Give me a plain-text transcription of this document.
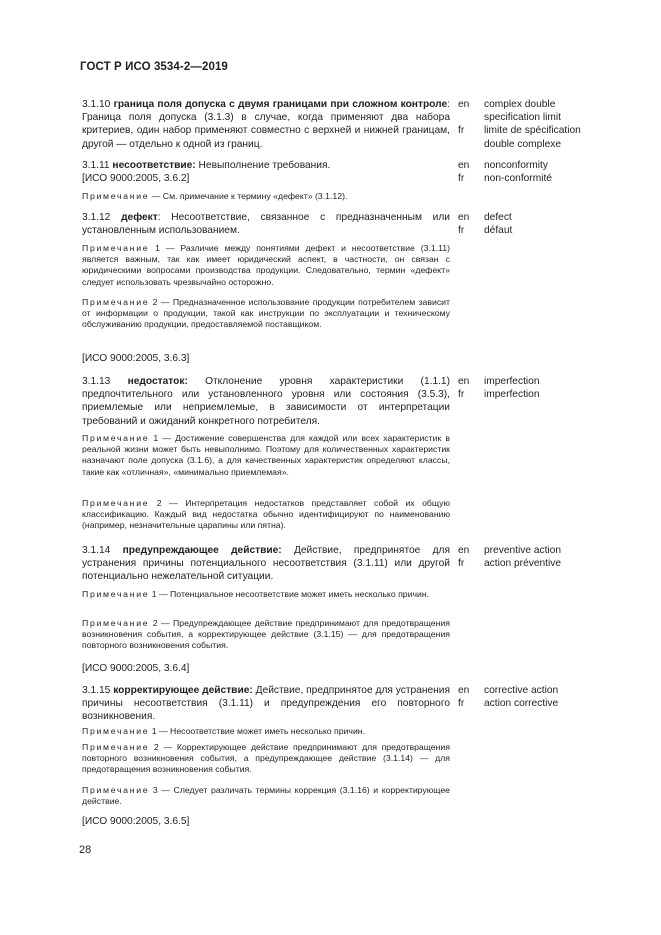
ГОСТ Р ИСО 3534-2—2019
3.1.10 граница поля допуска с двумя границами при сложном контроле: Граница поля допуска (3.1.3) в случае, когда применяют два набора критериев, один набор применяют совместно с верхней и нижней границам, другой — отдельно к одной из границ.
en
fr
complex double
specification limit
limite de spécification
double complexe
3.1.11 несоответствие: Невыполнение требования.
[ИСО 9000:2005, 3.6.2]
en
fr
nonconformity
non-conformité
Примечание — См. примечание к термину «дефект» (3.1.12).
3.1.12 дефект: Несоответствие, связанное с предназначенным или установленным использованием.
en
fr
defect
défaut
Примечание 1 — Различие между понятиями дефект и несоответствие (3.1.11) является важным, так как имеет юридический аспект, в частности, он связан с юридическими вопросами производства продукции. Следовательно, термин «дефект» следует использовать чрезвычайно осторожно.
Примечание 2 — Предназначенное использование продукции потребителем зависит от информации о продукции, такой как инструкции по эксплуатации и техническому обслуживанию продукции, предоставляемой поставщиком.
[ИСО 9000:2005, 3.6.3]
3.1.13 недостаток: Отклонение уровня характеристики (1.1.1) предпочтительного или установленного уровня или состояния (3.5.3), приемлемые или неприемлемые, в зависимости от интерпретации требований и ожиданий конкретного потребителя.
en
fr
imperfection
imperfection
Примечание 1 — Достижение совершенства для каждой или всех характеристик в реальной жизни может быть невыполнимо. Поэтому для количественных характеристик назначают поле допуска (3.1.6), а для качественных характеристик определяют классы, такие как «отличная», «минимально приемлемая».
Примечание 2 — Интерпретация недостатков представляет собой их общую классификацию. Каждый вид недостатка обычно идентифицируют по наименованию (например, незначительные царапины или пятна).
3.1.14 предупреждающее действие: Действие, предпринятое для устранения причины потенциального несоответствия (3.1.11) или другой потенциально нежелательной ситуации.
en
fr
preventive action
action préventive
Примечание 1 — Потенциальное несоответствие может иметь несколько причин.
Примечание 2 — Предупреждающее действие предпринимают для предотвращения возникновения события, а корректирующее действие (3.1.15) — для предотвращения повторного возникновения события.
[ИСО 9000:2005, 3.6.4]
3.1.15 корректирующее действие: Действие, предпринятое для устранения причины несоответствия (3.1.11) и предупреждения его повторного возникновения.
en
fr
corrective action
action corrective
Примечание 1 — Несоответствие может иметь несколько причин.
Примечание 2 — Корректирующее действие предпринимают для предотвращения повторного возникновения события, а предупреждающее действие (3.1.14) — для предотвращения возникновения события.
Примечание 3 — Следует различать термины коррекция (3.1.16) и корректирующее действие.
[ИСО 9000:2005, 3.6.5]
28
